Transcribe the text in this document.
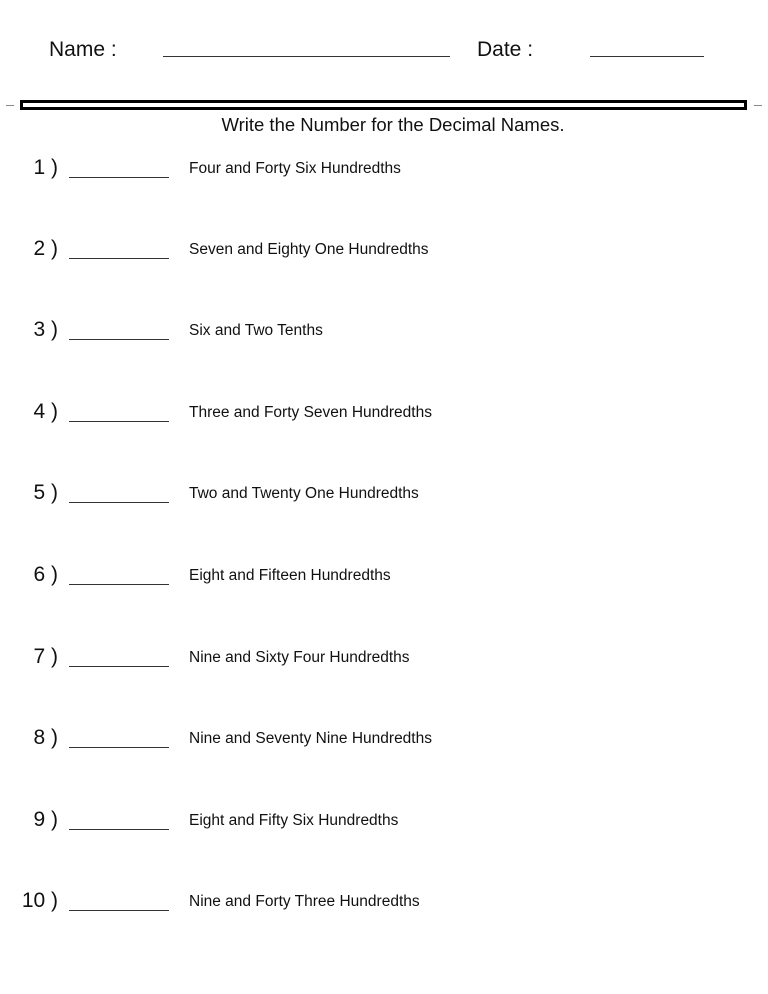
Name :	Date :
Write the Number for the Decimal Names.
1 )	Four and Forty Six Hundredths
2 )	Seven and Eighty One Hundredths
3 )	Six and Two Tenths
4 )	Three and Forty Seven Hundredths
5 )	Two and Twenty One Hundredths
6 )	Eight and Fifteen Hundredths
7 )	Nine and Sixty Four Hundredths
8 )	Nine and Seventy Nine Hundredths
9 )	Eight and Fifty Six Hundredths
10 )	Nine and Forty Three Hundredths
